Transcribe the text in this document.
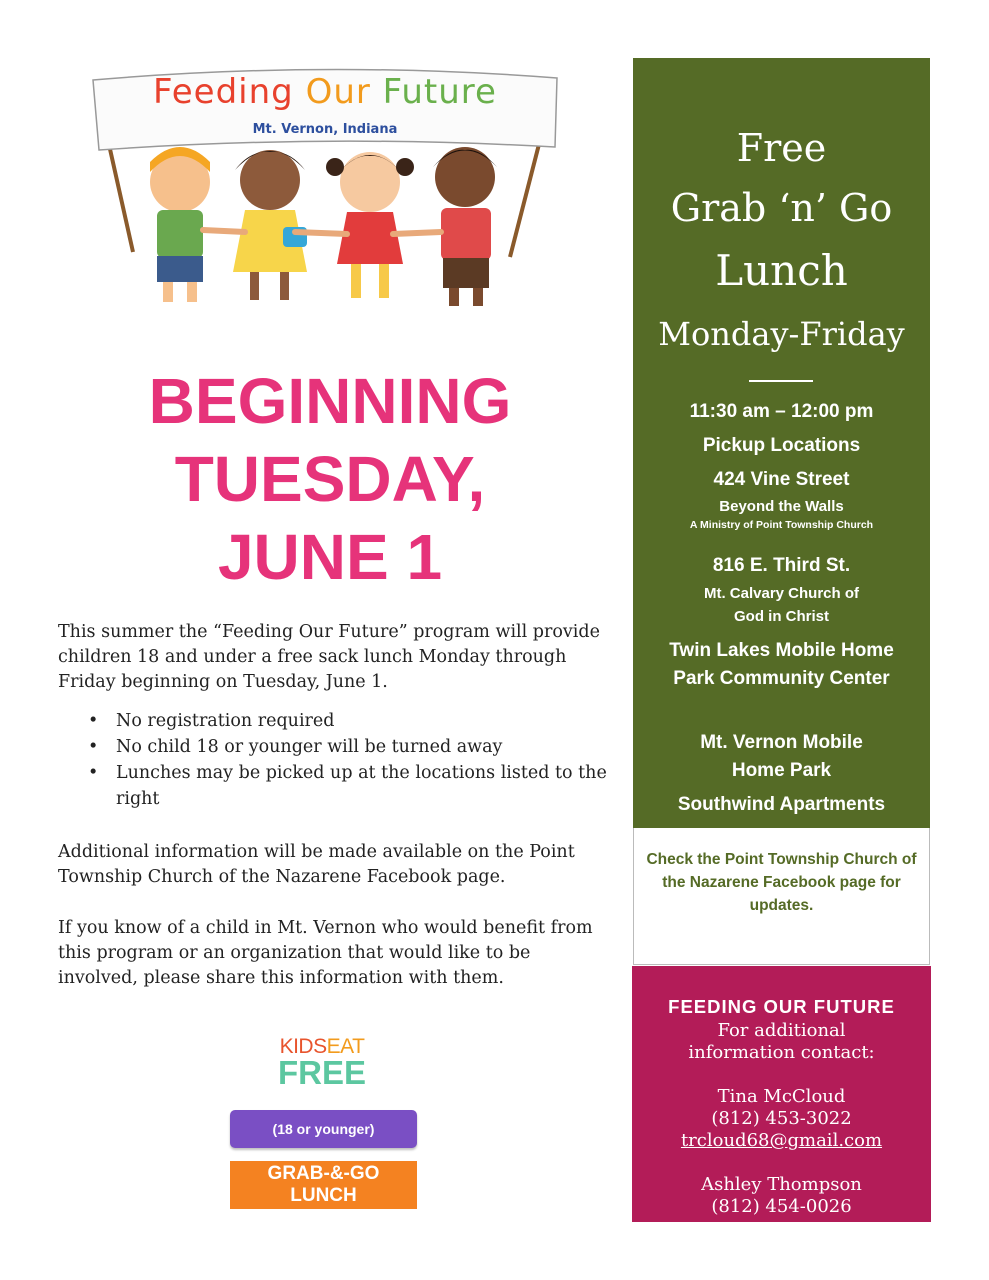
Feeding Our Future
Mt. Vernon, Indiana
BEGINNING
TUESDAY,
JUNE 1

This summer the “Feeding Our Future” program will provide children 18 and under a free sack lunch Monday through Friday beginning on Tuesday, June 1.

• No registration required
• No child 18 or younger will be turned away
• Lunches may be picked up at the locations listed to the right

Additional information will be made available on the Point Township Church of the Nazarene Facebook page.

If you know of a child in Mt. Vernon who would benefit from this program or an organization that would like to be involved, please share this information with them.

KIDSEAT
FREE
(18 or younger)
GRAB-&-GO
LUNCH
Free
Grab ‘n’ Go
Lunch
Monday-Friday

11:30 am – 12:00 pm

Pickup Locations

424 Vine Street

Beyond the Walls

A Ministry of Point Township Church

816 E. Third St.

Mt. Calvary Church of God in Christ

Twin Lakes Mobile Home Park Community Center

Mt. Vernon Mobile Home Park

Southwind Apartments

Check the Point Township Church of the Nazarene Facebook page for updates.

FEEDING OUR FUTURE

For additional information contact:

Tina McCloud

(812) 453-3022

trcloud68@gmail.com

Ashley Thompson

(812) 454-0026
